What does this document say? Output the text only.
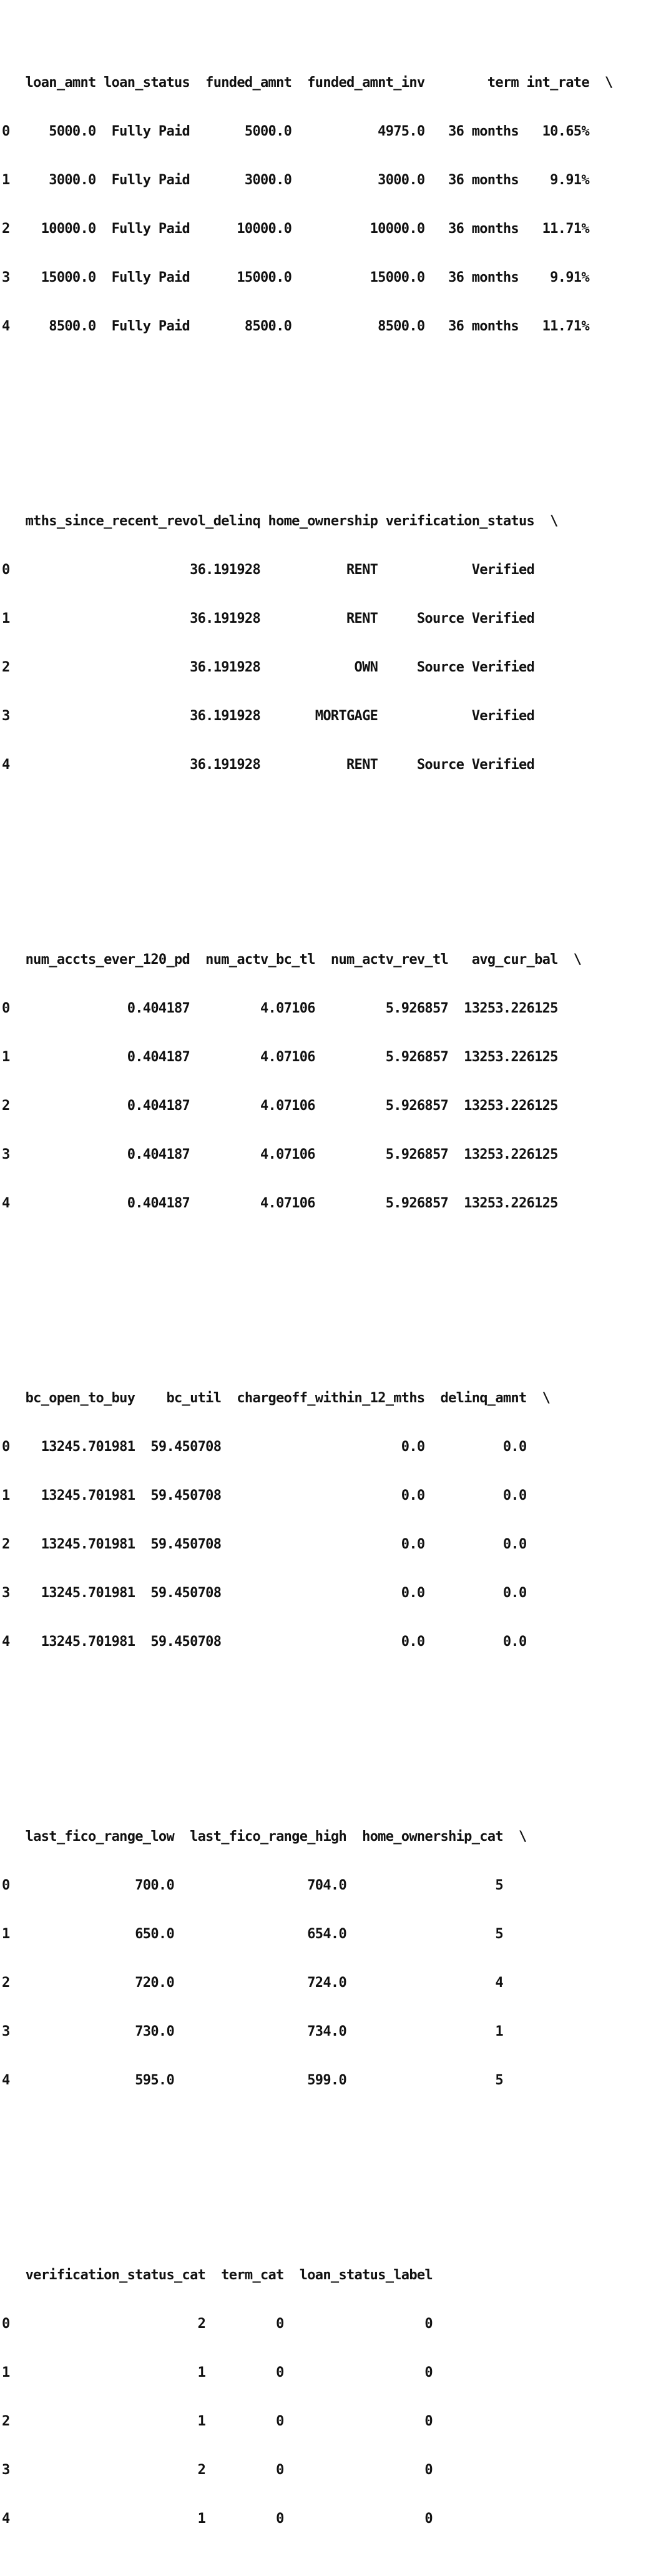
loan_amnt loan_status  funded_amnt  funded_amnt_inv        term int_rate  \

0     5000.0  Fully Paid       5000.0           4975.0   36 months   10.65%

1     3000.0  Fully Paid       3000.0           3000.0   36 months    9.91%

2    10000.0  Fully Paid      10000.0          10000.0   36 months   11.71%

3    15000.0  Fully Paid      15000.0          15000.0   36 months    9.91%

4     8500.0  Fully Paid       8500.0           8500.0   36 months   11.71%

mths_since_recent_revol_delinq home_ownership verification_status  \

0                       36.191928           RENT            Verified

1                       36.191928           RENT     Source Verified

2                       36.191928            OWN     Source Verified

3                       36.191928       MORTGAGE            Verified

4                       36.191928           RENT     Source Verified

num_accts_ever_120_pd  num_actv_bc_tl  num_actv_rev_tl   avg_cur_bal  \

0               0.404187         4.07106         5.926857  13253.226125

1               0.404187         4.07106         5.926857  13253.226125

2               0.404187         4.07106         5.926857  13253.226125

3               0.404187         4.07106         5.926857  13253.226125

4               0.404187         4.07106         5.926857  13253.226125

bc_open_to_buy    bc_util  chargeoff_within_12_mths  delinq_amnt  \

0    13245.701981  59.450708                       0.0          0.0

1    13245.701981  59.450708                       0.0          0.0

2    13245.701981  59.450708                       0.0          0.0

3    13245.701981  59.450708                       0.0          0.0

4    13245.701981  59.450708                       0.0          0.0

last_fico_range_low  last_fico_range_high  home_ownership_cat  \

0                700.0                 704.0                   5

1                650.0                 654.0                   5

2                720.0                 724.0                   4

3                730.0                 734.0                   1

4                595.0                 599.0                   5

verification_status_cat  term_cat  loan_status_label

0                        2         0                  0

1                        1         0                  0

2                        1         0                  0

3                        2         0                  0

4                        1         0                  0
